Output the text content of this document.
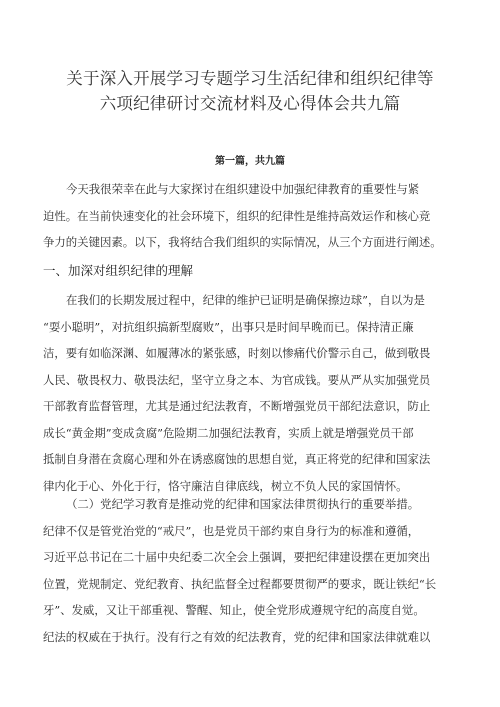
关于深入开展学习专题学习生活纪律和组织纪律等
六项纪律研讨交流材料及心得体会共九篇
第一篇，共九篇
今天我很荣幸在此与大家探讨在组织建设中加强纪律教育的重要性与紧
迫性。在当前快速变化的社会环境下，组织的纪律性是维持高效运作和核心竞
争力的关键因素。以下，我将结合我们组织的实际情况，从三个方面进行阐述。
一、加深对组织纪律的理解
在我们的长期发展过程中，纪律的维护已证明是确保擦边球”，自以为是
“耍小聪明”，对抗组织搞新型腐败”，出事只是时间早晚而已。保持清正廉
洁，要有如临深渊、如履薄冰的紧张感，时刻以惨痛代价警示自己，做到敬畏
人民、敬畏权力、敬畏法纪，坚守立身之本、为官成钱。要从严从实加强党员
干部教育监督管理，尤其是通过纪法教育，不断增强党员干部纪法意识，防止
成长“黄金期”变成贪腐”危险期二加强纪法教育，实质上就是增强党员干部
抵制自身潜在贪腐心理和外在诱惑腐蚀的思想自觉，真正将党的纪律和国家法
律内化于心、外化于行，恪守廉洁自律底线，树立不负人民的家国情怀。
（二）党纪学习教育是推动党的纪律和国家法律贯彻执行的重要举措。
纪律不仅是管党治党的“戒尺”，也是党员干部约束自身行为的标准和遵循，
习近平总书记在二十届中央纪委二次全会上强调，要把纪律建设摆在更加突出
位置，党规制定、党纪教育、执纪监督全过程都要贯彻严的要求，既让铁纪“长
牙”、发威，又让干部重视、警醒、知止，使全党形成遵规守纪的高度自觉。
纪法的权威在于执行。没有行之有效的纪法教育，党的纪律和国家法律就难以
